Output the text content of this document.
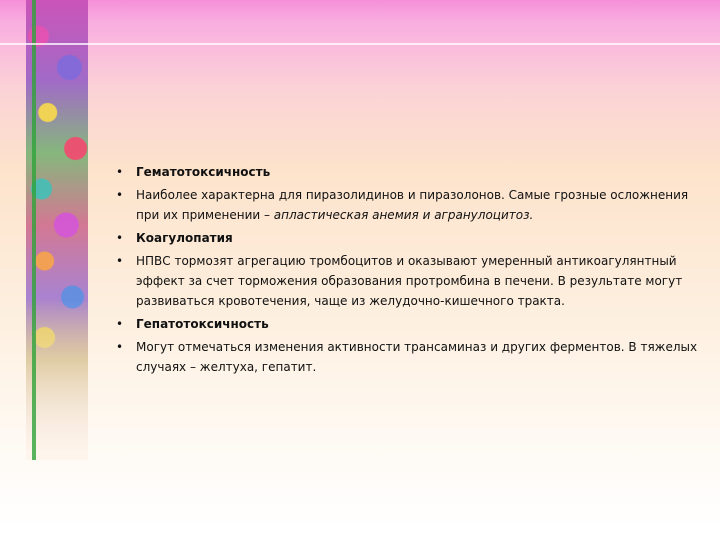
• Гематотоксичность
• Наиболее характерна для пиразолидинов и пиразолонов. Самые грозные осложнения при их применении – апластическая анемия и агранулоцитоз.
• Коагулопатия
• НПВС тормозят агрегацию тромбоцитов и оказывают умеренный антикоагулянтный эффект за счет торможения образования протромбина в печени. В результате могут развиваться кровотечения, чаще из желудочно-кишечного тракта.
• Гепатотоксичность
• Могут отмечаться изменения активности трансаминаз и других ферментов. В тяжелых случаях – желтуха, гепатит.
